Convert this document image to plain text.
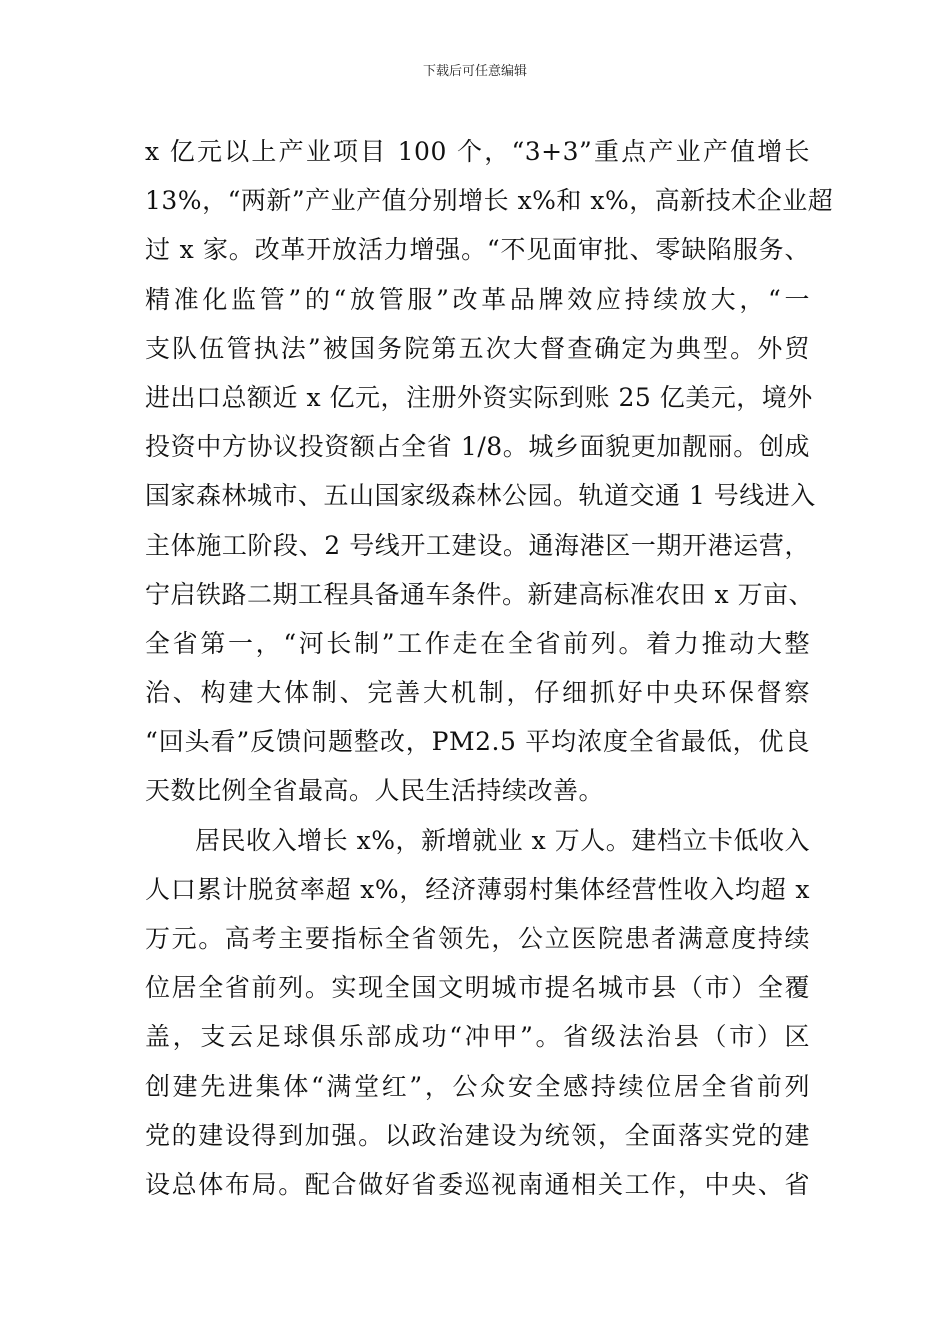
下载后可任意编辑
x 亿元以上产业项目 100 个，“3+3”重点产业产值增长
13%，“两新”产业产值分别增长 x%和 x%，高新技术企业超
过 x 家。改革开放活力增强。“不见面审批、零缺陷服务、
精准化监管”的“放管服”改革品牌效应持续放大，“一
支队伍管执法”被国务院第五次大督查确定为典型。外贸
进出口总额近 x 亿元，注册外资实际到账 25 亿美元，境外
投资中方协议投资额占全省 1/8。城乡面貌更加靓丽。创成
国家森林城市、五山国家级森林公园。轨道交通 1 号线进入
主体施工阶段、2 号线开工建设。通海港区一期开港运营，
宁启铁路二期工程具备通车条件。新建高标准农田 x 万亩、
全省第一，“河长制”工作走在全省前列。着力推动大整
治、构建大体制、完善大机制，仔细抓好中央环保督察
“回头看”反馈问题整改，PM2.5 平均浓度全省最低，优良
天数比例全省最高。人民生活持续改善。
居民收入增长 x%，新增就业 x 万人。建档立卡低收入
人口累计脱贫率超 x%，经济薄弱村集体经营性收入均超 x
万元。高考主要指标全省领先，公立医院患者满意度持续
位居全省前列。实现全国文明城市提名城市县（市）全覆
盖，支云足球俱乐部成功“冲甲”。省级法治县（市）区
创建先进集体“满堂红”，公众安全感持续位居全省前列
党的建设得到加强。以政治建设为统领，全面落实党的建
设总体布局。配合做好省委巡视南通相关工作，中央、省
